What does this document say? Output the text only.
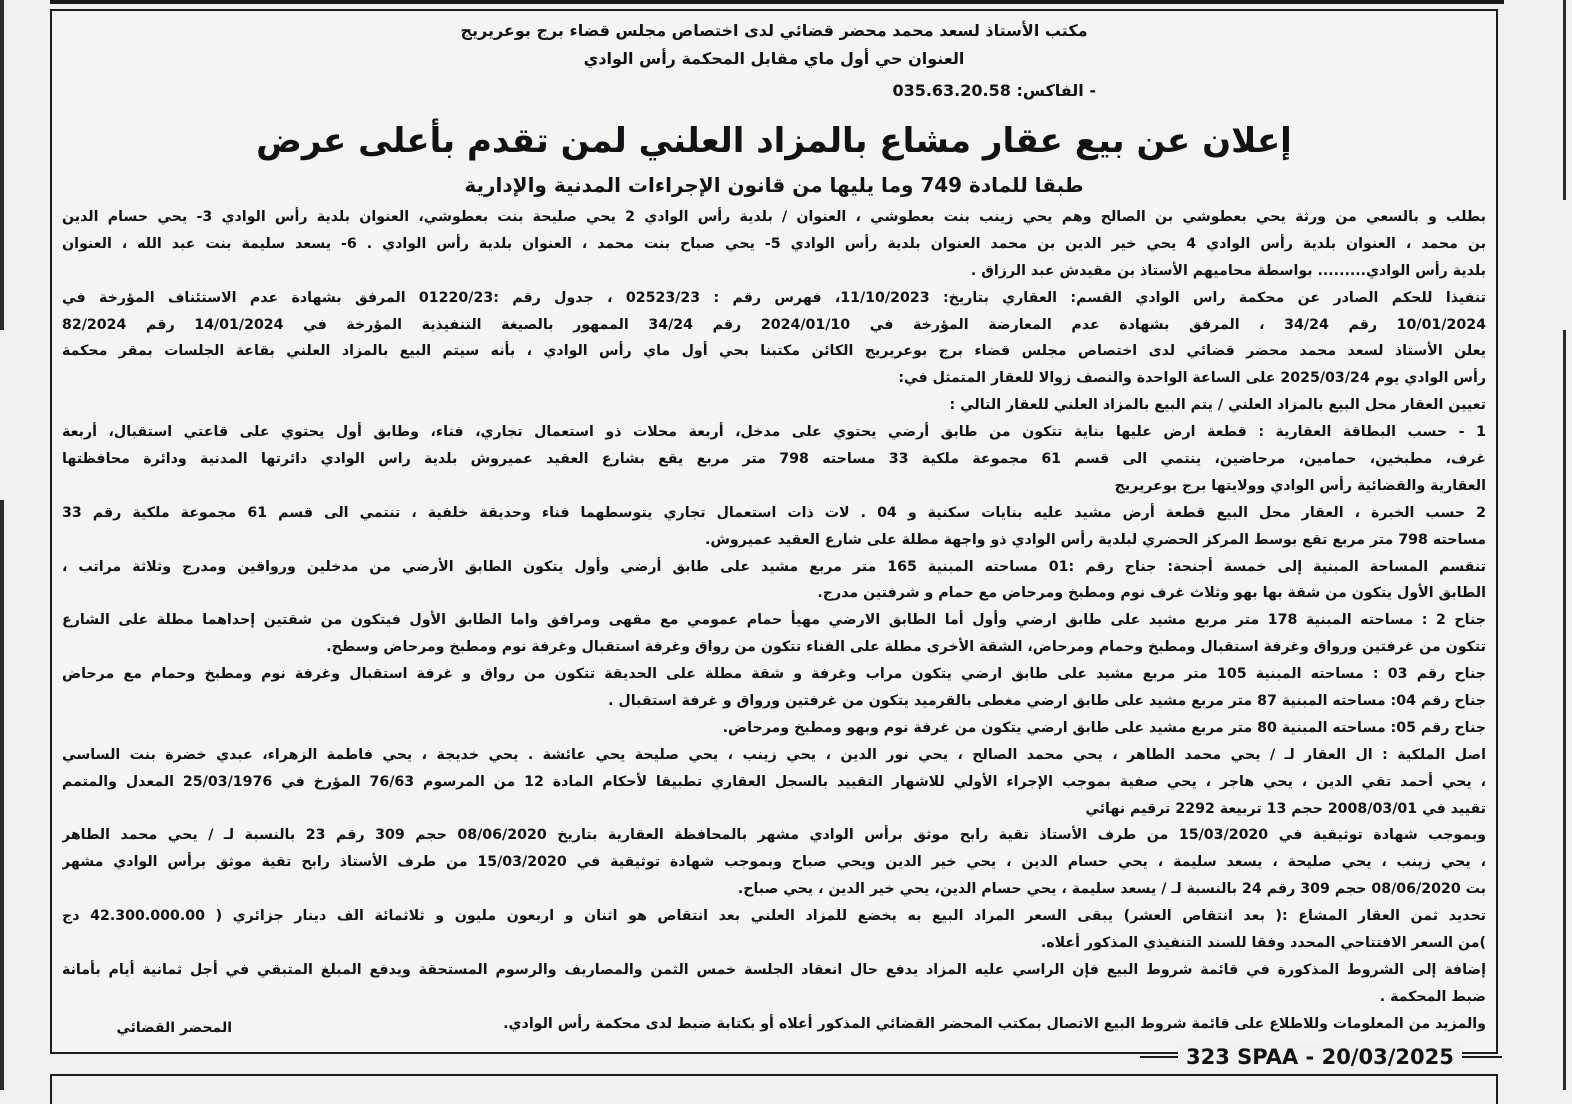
مكتب الأستاذ لسعد محمد محضر قضائي لدى اختصاص مجلس قضاء برج بوعريريج
العنوان حي أول ماي مقابل المحكمة رأس الوادي
- الفاكس: 035.63.20.58
إعلان عن بيع عقار مشاع بالمزاد العلني لمن تقدم بأعلى عرض
طبقا للمادة 749 وما يليها من قانون الإجراءات المدنية والإدارية
بطلب و بالسعي من ورثة يحي بعطوشي بن الصالح وهم يحي زينب بنت بعطوشي ، العنوان / بلدية رأس الوادي 2 يحي صليحة بنت بعطوشي، العنوان بلدية رأس الوادي 3- يحي حسام الدين
بن محمد ، العنوان بلدية رأس الوادي 4 يحي خير الدين بن محمد العنوان بلدية رأس الوادي 5- يحي صباح بنت محمد ، العنوان بلدية رأس الوادي . 6- يسعد سليمة بنت عبد الله ، العنوان
بلدية رأس الوادي......... بواسطة محاميهم الأستاذ بن مقيدش عبد الرزاق .
تنفيذا للحكم الصادر عن محكمة راس الوادي القسم: العقاري بتاريخ: 11/10/2023، فهرس رقم : 02523/23 ، جدول رقم :01220/23 المرفق بشهادة عدم الاستئناف المؤرخة في
10/01/2024 رقم 34/24 ، المرفق بشهادة عدم المعارضة المؤرخة في 2024/01/10 رقم 34/24 الممهور بالصيغة التنفيذية المؤرخة في 14/01/2024 رقم 82/2024
يعلن الأستاذ لسعد محمد محضر قضائي لدى اختصاص مجلس قضاء برج بوعريريج الكائن مكتبنا بحي أول ماي رأس الوادي ، بأنه سيتم البيع بالمزاد العلني بقاعة الجلسات بمقر محكمة
رأس الوادي يوم 2025/03/24 على الساعة الواحدة والنصف زوالا للعقار المتمثل في:
تعيين العقار محل البيع بالمزاد العلني / يتم البيع بالمزاد العلني للعقار التالي :
1 - حسب البطاقة العقارية : قطعة ارض عليها بناية تتكون من طابق أرضي يحتوي على مدخل، أربعة محلات ذو استعمال تجاري، فناء، وطابق أول يحتوي على قاعتي استقبال، أربعة
غرف، مطبخين، حمامين، مرحاضين، ينتمي الى قسم 61 مجموعة ملكية 33 مساحته 798 متر مربع يقع بشارع العقيد عميروش بلدية راس الوادي دائرتها المدنية ودائرة محافظتها
العقارية والقضائية رأس الوادي وولايتها برج بوعريريج
2 حسب الخبرة ، العقار محل البيع قطعة أرض مشيد عليه بنايات سكنية و 04 . لات ذات استعمال تجاري يتوسطهما فناء وحديقة خلفية ، تنتمي الى قسم 61 مجموعة ملكية رقم 33
مساحته 798 متر مربع تقع بوسط المركز الحضري لبلدية رأس الوادي ذو واجهة مطلة على شارع العقيد عميروش.
تنقسم المساحة المبنية إلى خمسة أجنحة: جناح رقم :01 مساحته المبنية 165 متر مربع مشيد على طابق أرضي وأول يتكون الطابق الأرضي من مدخلين ورواقين ومدرج وثلاثة مراتب ،
الطابق الأول يتكون من شقة بها بهو وثلاث غرف نوم ومطبخ ومرحاض مع حمام و شرفتين مدرج.
جناح 2 : مساحته المبنية 178 متر مربع مشيد على طابق ارضي وأول أما الطابق الارضي مهيأ حمام عمومي مع مقهى ومرافق واما الطابق الأول فيتكون من شقتين إحداهما مطلة على الشارع
تتكون من غرفتين ورواق وغرفة استقبال ومطبخ وحمام ومرحاض، الشقة الأخرى مطلة على الفناء تتكون من رواق وغرفة استقبال وغرفة نوم ومطبخ ومرحاض وسطح.
جناح رقم 03 : مساحته المبنية 105 متر مربع مشيد على طابق ارضي يتكون مراب وغرفة و شقة مطلة على الحديقة تتكون من رواق و غرفة استقبال وغرفة نوم ومطبخ وحمام مع مرحاض
جناح رقم 04: مساحته المبنية 87 متر مربع مشيد على طابق ارضي مغطى بالقرميد يتكون من غرفتين ورواق و غرفة استقبال .
جناح رقم 05: مساحته المبنية 80 متر مربع مشيد على طابق ارضي يتكون من غرفة نوم وبهو ومطبخ ومرحاض.
اصل الملكية : ال العقار لـ / يحي محمد الطاهر ، يحي محمد الصالح ، يحي نور الدين ، يحي زينب ، يحي صليحة يحي عائشة . يحي خديجة ، يحي فاطمة الزهراء، عبدي خضرة بنت الساسي
، يحي أحمد تقي الدين ، يحي هاجر ، يحي صفية بموجب الإجراء الأولي للاشهار التقييد بالسجل العقاري تطبيقا لأحكام المادة 12 من المرسوم 76/63 المؤرخ في 25/03/1976 المعدل والمتمم
تقييد في 2008/03/01 حجم 13 تربيعة 2292 ترقيم نهائي
وبموجب شهادة توثيقية في 15/03/2020 من طرف الأستاذ تقية رابح موثق برأس الوادي مشهر بالمحافظة العقارية بتاريخ 08/06/2020 حجم 309 رقم 23 بالنسبة لـ / يحي محمد الطاهر
، يحي زينب ، يحي صليحة ، يسعد سليمة ، يحي حسام الدين ، يحي خير الدين ويحي صباح وبموجب شهادة توثيقية في 15/03/2020 من طرف الأستاذ رابح تقية موثق برأس الوادي مشهر
بت 08/06/2020 حجم 309 رقم 24 بالنسبة لـ / يسعد سليمة ، يحي حسام الدين، يحي خير الدين ، يحي صباح.
تحديد ثمن العقار المشاع :( بعد انتقاص العشر) يبقى السعر المراد البيع به يخضع للمزاد العلني بعد انتقاص هو اثنان و اربعون مليون و ثلاثمائة الف دينار جزائري ( 42.300.000.00 دج
)من السعر الافتتاحي المحدد وفقا للسند التنفيذي المذكور أعلاه.
إضافة إلى الشروط المذكورة في قائمة شروط البيع فإن الراسي عليه المزاد يدفع حال انعقاد الجلسة خمس الثمن والمصاريف والرسوم المستحقة ويدفع المبلغ المتبقي في أجل ثمانية أيام بأمانة
ضبط المحكمة .
والمزيد من المعلومات وللاطلاع على قائمة شروط البيع الاتصال بمكتب المحضر القضائي المذكور أعلاه أو بكتابة ضبط لدى محكمة رأس الوادي.
المحضر القضائي
323 SPAA - 20/03/2025
